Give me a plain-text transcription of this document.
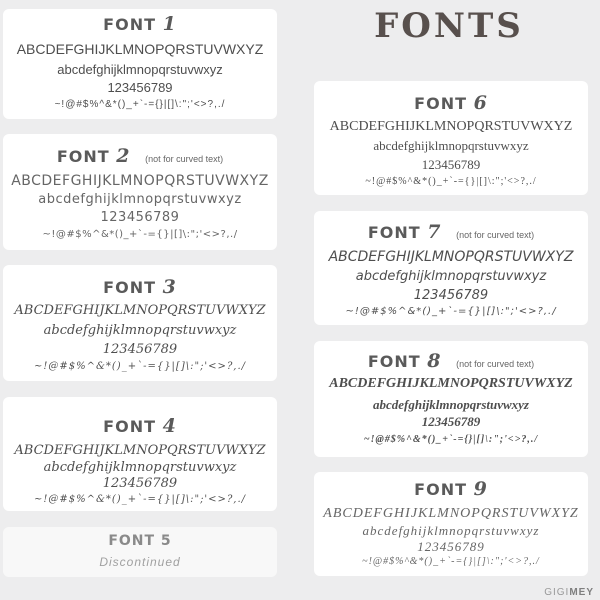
FONTS
FONT 1
ABCDEFGHIJKLMNOPQRSTUVWXYZ
abcdefghijklmnopqrstuvwxyz
123456789
~!@#$%^&*()_+`-={}|[]\:";'<>?,./
FONT 2 (not for curved text)
ABCDEFGHIJKLMNOPQRSTUVWXYZ
abcdefghijklmnopqrstuvwxyz
123456789
~!@#$%^&*()_+`-={}|[]\:";'<>?,./
FONT 3
ABCDEFGHIJKLMNOPQRSTUVWXYZ
abcdefghijklmnopqrstuvwxyz
123456789
~!@#$%^&*()_+`-={}|[]\:";'<>?,./
FONT 4
ABCDEFGHIJKLMNOPQRSTUVWXYZ
abcdefghijklmnopqrstuvwxyz
123456789
~!@#$%^&*()_+`-={}|[]\:";'<>?,./
FONT 5
Discontinued
FONT 6
ABCDEFGHIJKLMNOPQRSTUVWXYZ
abcdefghijklmnopqrstuvwxyz
123456789
~!@#$%^&*()_+`-={}|[]\:";'<>?,./
FONT 7 (not for curved text)
ABCDEFGHIJKLMNOPQRSTUVWXYZ
abcdefghijklmnopqrstuvwxyz
123456789
~!@#$%^&*()_+`-={}|[]\:";'<>?,./
FONT 8 (not for curved text)
ABCDEFGHIJKLMNOPQRSTUVWXYZ
abcdefghijklmnopqrstuvwxyz
123456789
~!@#$%^&*()_+`-={}|[]\:";'<>?,./
FONT 9
ABCDEFGHIJKLMNOPQRSTUVWXYZ
abcdefghijklmnopqrstuvwxyz
123456789
~!@#$%^&*()_+`-={}|[]\:";'<>?,./
GIGIMEY
